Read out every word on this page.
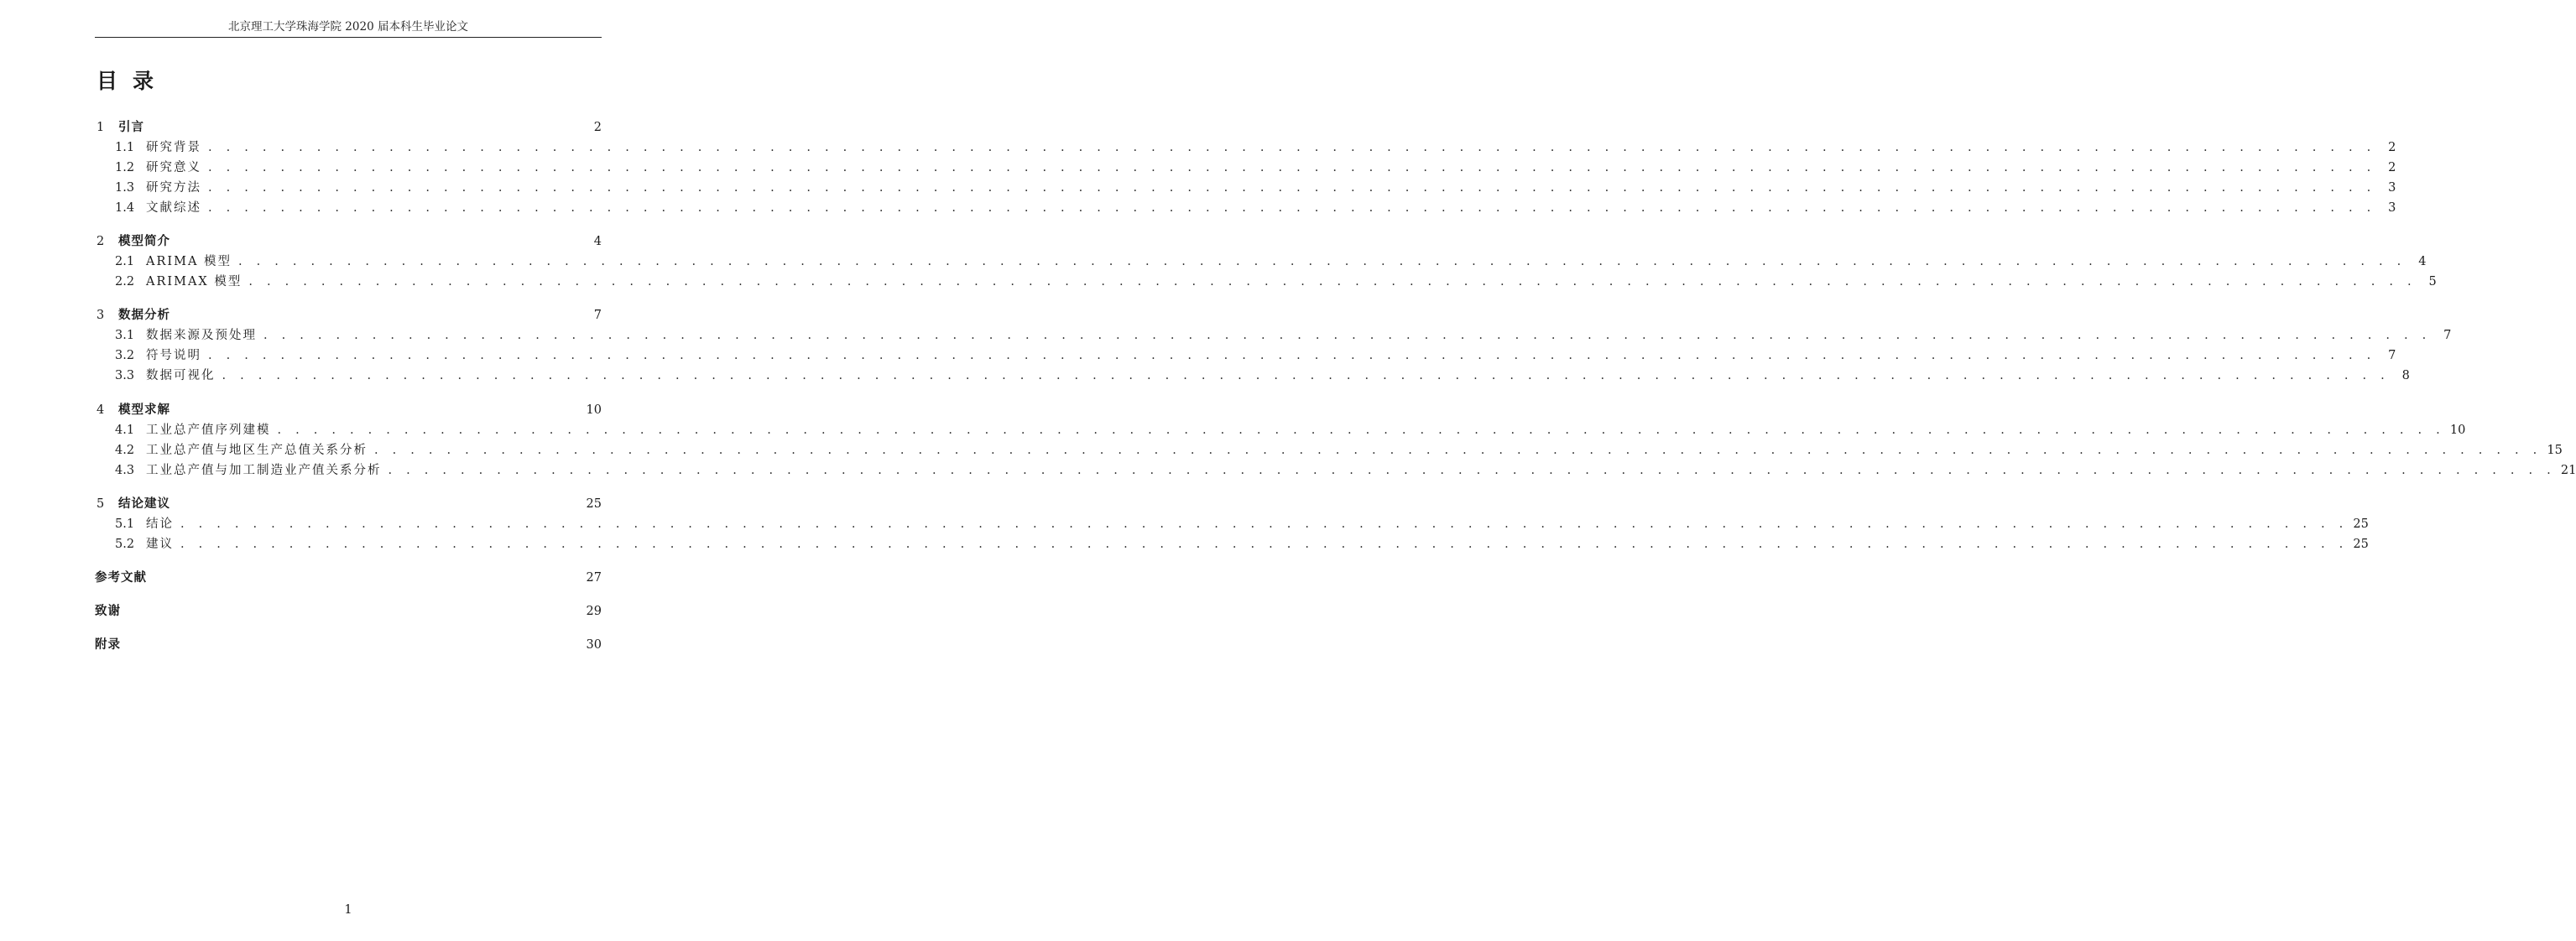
北京理工大学珠海学院 2020 届本科生毕业论文
目录
1	引言	2
1.1 研究背景 . . . . . . . . . . . . . . . . . . . . . . . . . . . . . . . . . . . . . . . . . . . . . . . . . . . . . . . . . . . . . . . . . . . . . . . . . . . . . . . . . . . . . . . . . . . . . . . . . . . . . . . . . . . . . . . . . . . . . . . .	2
1.2 研究意义 . . . . . . . . . . . . . . . . . . . . . . . . . . . . . . . . . . . . . . . . . . . . . . . . . . . . . . . . . . . . . . . . . . . . . . . . . . . . . . . . . . . . . . . . . . . . . . . . . . . . . . . . . . . . . . . . . . . . . . . .	2
1.3 研究方法 . . . . . . . . . . . . . . . . . . . . . . . . . . . . . . . . . . . . . . . . . . . . . . . . . . . . . . . . . . . . . . . . . . . . . . . . . . . . . . . . . . . . . . . . . . . . . . . . . . . . . . . . . . . . . . . . . . . . . . . .	3
1.4 文献综述 . . . . . . . . . . . . . . . . . . . . . . . . . . . . . . . . . . . . . . . . . . . . . . . . . . . . . . . . . . . . . . . . . . . . . . . . . . . . . . . . . . . . . . . . . . . . . . . . . . . . . . . . . . . . . . . . . . . . . . . .	3
2	模型简介	4
2.1 ARIMA 模型 . . . . . . . . . . . . . . . . . . . . . . . . . . . . . . . . . . . . . . . . . . . . . . . . . . . . . . . . . . . . . . . . . . . . . . . . . . . . . . . . . . . . . . . . . . . . . . . . . . . . . . . . . . . . . . . . . . . . . . . .	4
2.2 ARIMAX 模型 . . . . . . . . . . . . . . . . . . . . . . . . . . . . . . . . . . . . . . . . . . . . . . . . . . . . . . . . . . . . . . . . . . . . . . . . . . . . . . . . . . . . . . . . . . . . . . . . . . . . . . . . . . . . . . . . . . . . . . . .	5
3	数据分析	7
3.1 数据来源及预处理 . . . . . . . . . . . . . . . . . . . . . . . . . . . . . . . . . . . . . . . . . . . . . . . . . . . . . . . . . . . . . . . . . . . . . . . . . . . . . . . . . . . . . . . . . . . . . . . . . . . . . . . . . . . . . . . . . . . . . . . .	7
3.2 符号说明 . . . . . . . . . . . . . . . . . . . . . . . . . . . . . . . . . . . . . . . . . . . . . . . . . . . . . . . . . . . . . . . . . . . . . . . . . . . . . . . . . . . . . . . . . . . . . . . . . . . . . . . . . . . . . . . . . . . . . . . .	7
3.3 数据可视化 . . . . . . . . . . . . . . . . . . . . . . . . . . . . . . . . . . . . . . . . . . . . . . . . . . . . . . . . . . . . . . . . . . . . . . . . . . . . . . . . . . . . . . . . . . . . . . . . . . . . . . . . . . . . . . . . . . . . . . . .	8
4	模型求解	10
4.1 工业总产值序列建模 . . . . . . . . . . . . . . . . . . . . . . . . . . . . . . . . . . . . . . . . . . . . . . . . . . . . . . . . . . . . . . . . . . . . . . . . . . . . . . . . . . . . . . . . . . . . . . . . . . . . . . . . . . . . . . . . . . . . . . . . 10
4.2 工业总产值与地区生产总值关系分析 . . . . . . . . . . . . . . . . . . . . . . . . . . . . . . . . . . . . . . . . . . . . . . . . . . . . . . . . . . . . . . . . . . . . . . . . . . . . . . . . . . . . . . . . . . . . . . . . . . . . . . . . . . . . . . . . . . . . . . . . 15
4.3 工业总产值与加工制造业产值关系分析 . . . . . . . . . . . . . . . . . . . . . . . . . . . . . . . . . . . . . . . . . . . . . . . . . . . . . . . . . . . . . . . . . . . . . . . . . . . . . . . . . . . . . . . . . . . . . . . . . . . . . . . . . . . . . . . . . . . . . . . . 21
5	结论建议	25
5.1 结论 . . . . . . . . . . . . . . . . . . . . . . . . . . . . . . . . . . . . . . . . . . . . . . . . . . . . . . . . . . . . . . . . . . . . . . . . . . . . . . . . . . . . . . . . . . . . . . . . . . . . . . . . . . . . . . . . . . . . . . . . 25
5.2 建议 . . . . . . . . . . . . . . . . . . . . . . . . . . . . . . . . . . . . . . . . . . . . . . . . . . . . . . . . . . . . . . . . . . . . . . . . . . . . . . . . . . . . . . . . . . . . . . . . . . . . . . . . . . . . . . . . . . . . . . . . 25
参考文献	27
致谢	29
附录	30
1
